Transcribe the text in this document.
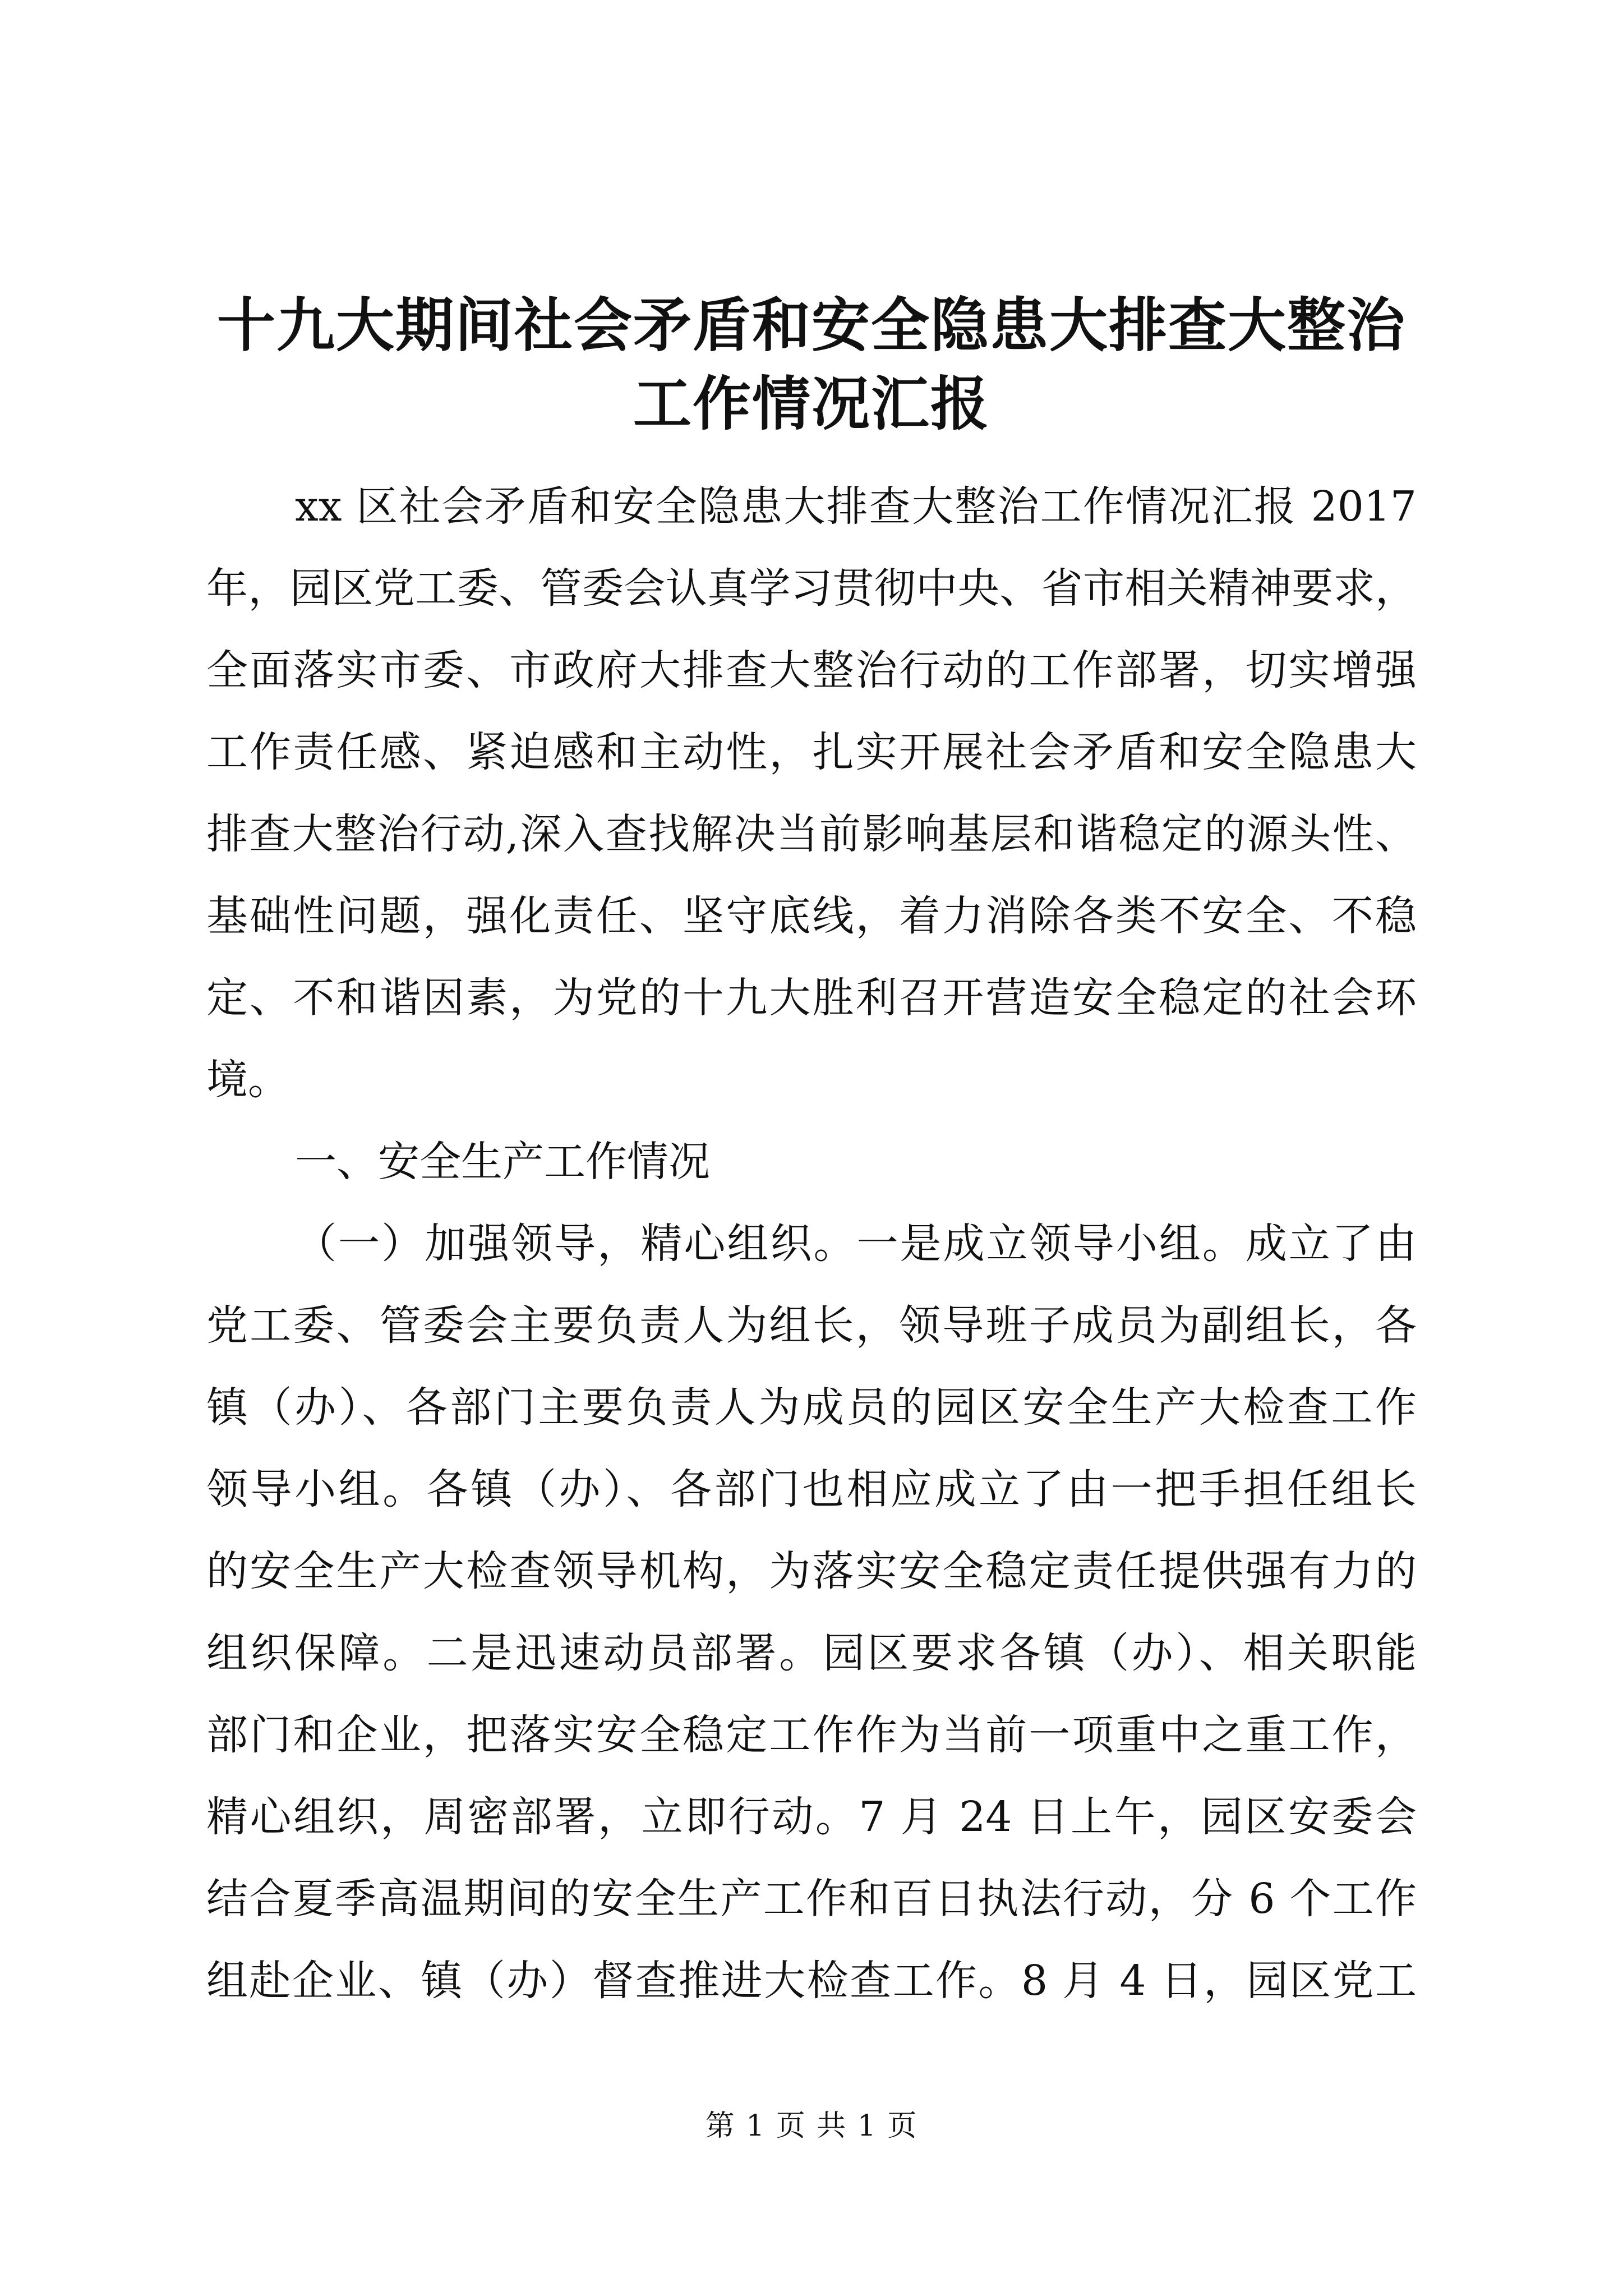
十九大期间社会矛盾和安全隐患大排查大整治
工作情况汇报
xx 区社会矛盾和安全隐患大排查大整治工作情况汇报 2017
年，园区党工委、管委会认真学习贯彻中央、省市相关精神要求，
全面落实市委、市政府大排查大整治行动的工作部署，切实增强
工作责任感、紧迫感和主动性，扎实开展社会矛盾和安全隐患大
排查大整治行动,深入查找解决当前影响基层和谐稳定的源头性、
基础性问题，强化责任、坚守底线，着力消除各类不安全、不稳
定、不和谐因素，为党的十九大胜利召开营造安全稳定的社会环
境。
一、安全生产工作情况
（一）加强领导，精心组织。一是成立领导小组。成立了由
党工委、管委会主要负责人为组长，领导班子成员为副组长，各
镇（办）、各部门主要负责人为成员的园区安全生产大检查工作
领导小组。各镇（办）、各部门也相应成立了由一把手担任组长
的安全生产大检查领导机构，为落实安全稳定责任提供强有力的
组织保障。二是迅速动员部署。园区要求各镇（办）、相关职能
部门和企业，把落实安全稳定工作作为当前一项重中之重工作，
精心组织，周密部署，立即行动。7 月 24 日上午，园区安委会
结合夏季高温期间的安全生产工作和百日执法行动，分 6 个工作
组赴企业、镇（办）督查推进大检查工作。8 月 4 日，园区党工
第 1 页 共 1 页
